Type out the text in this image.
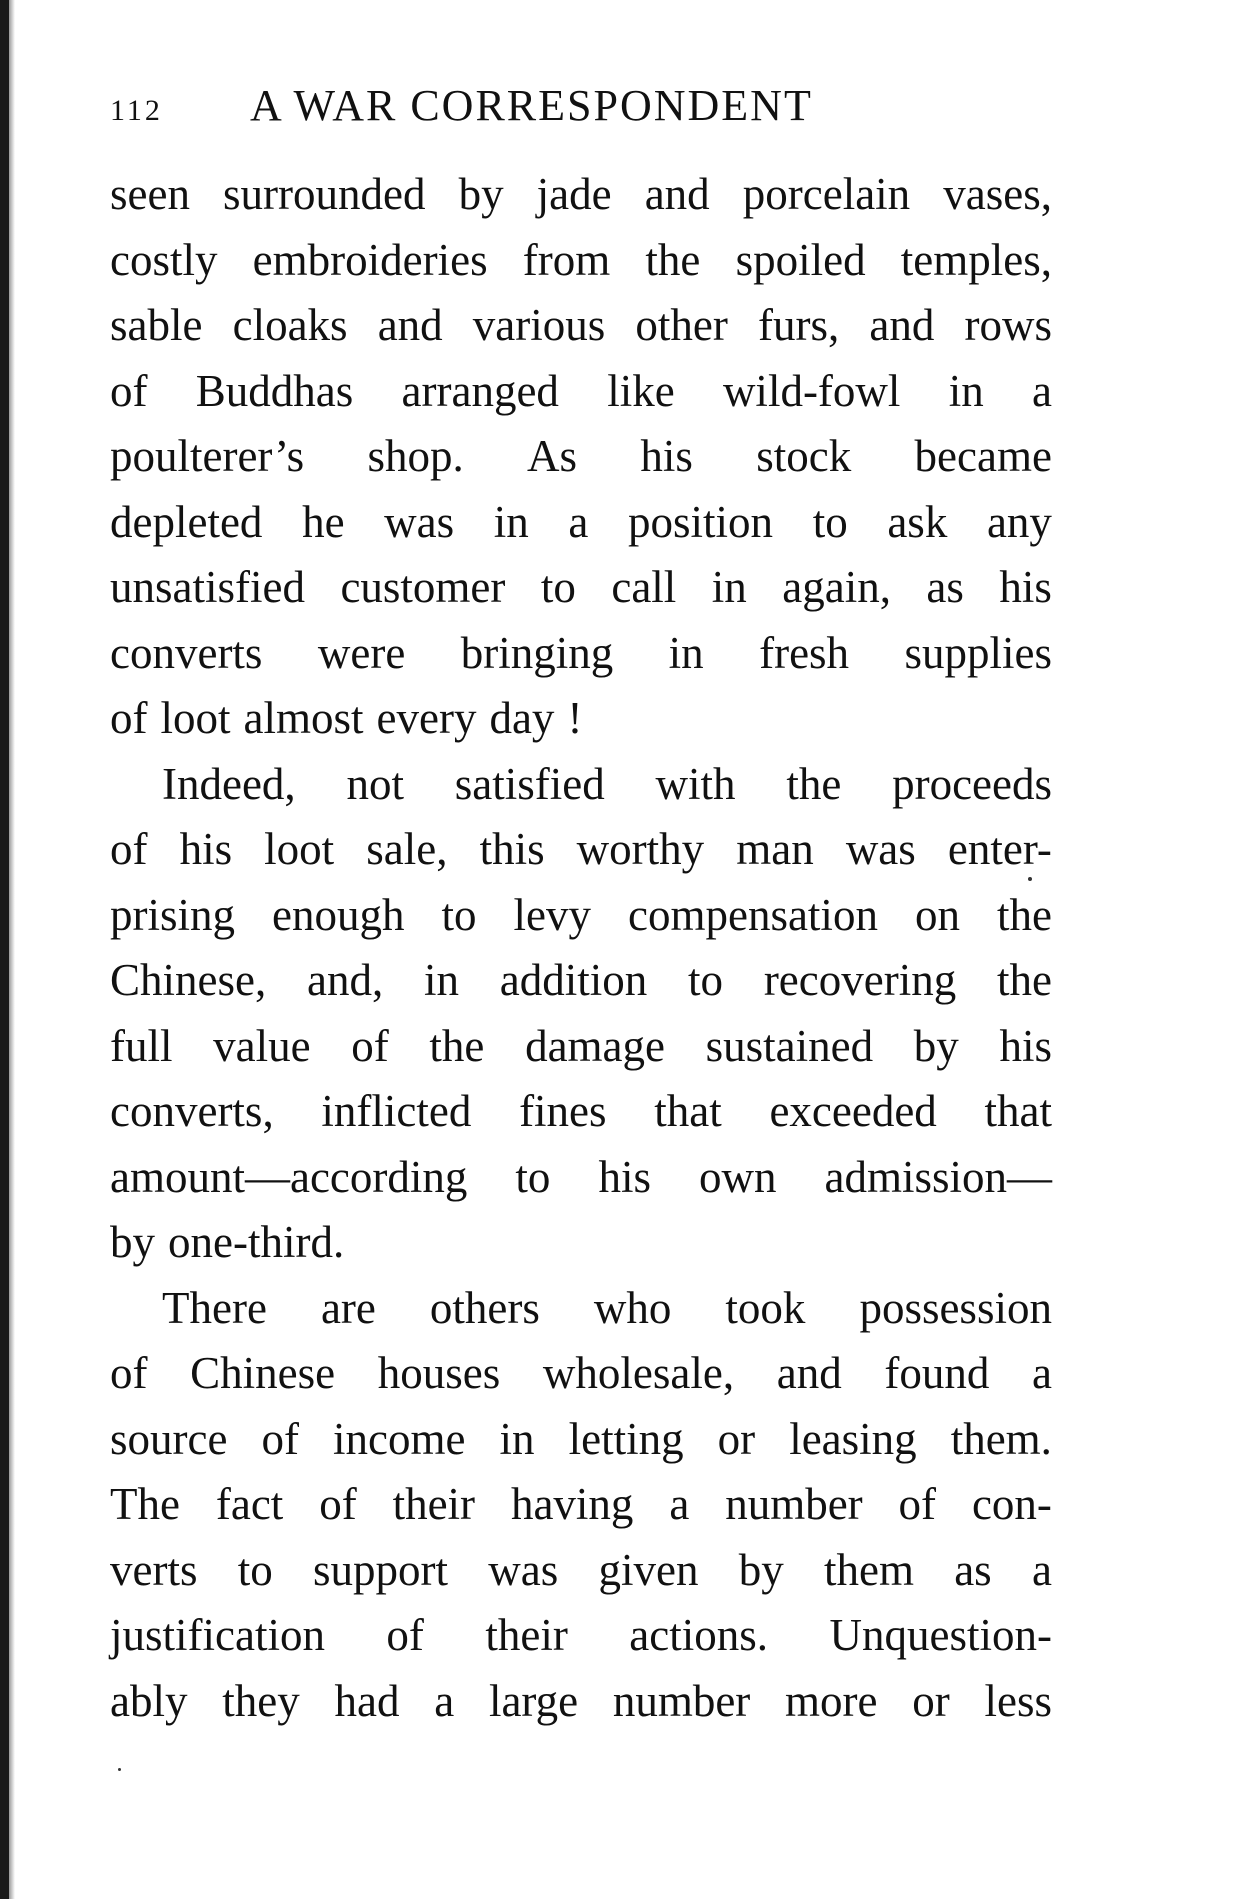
112 A WAR CORRESPONDENT
seen surrounded by jade and porcelain vases,
costly embroideries from the spoiled temples,
sable cloaks and various other furs, and rows
of Buddhas arranged like wild-fowl in a
poulterer’s shop. As his stock became
depleted he was in a position to ask any
unsatisfied customer to call in again, as his
converts were bringing in fresh supplies
of loot almost every day !
Indeed, not satisfied with the proceeds
of his loot sale, this worthy man was enter-
prising enough to levy compensation on the
Chinese, and, in addition to recovering the
full value of the damage sustained by his
converts, inflicted fines that exceeded that
amount—according to his own admission—
by one-third.
There are others who took possession
of Chinese houses wholesale, and found a
source of income in letting or leasing them.
The fact of their having a number of con-
verts to support was given by them as a
justification of their actions. Unquestion-
ably they had a large number more or less
